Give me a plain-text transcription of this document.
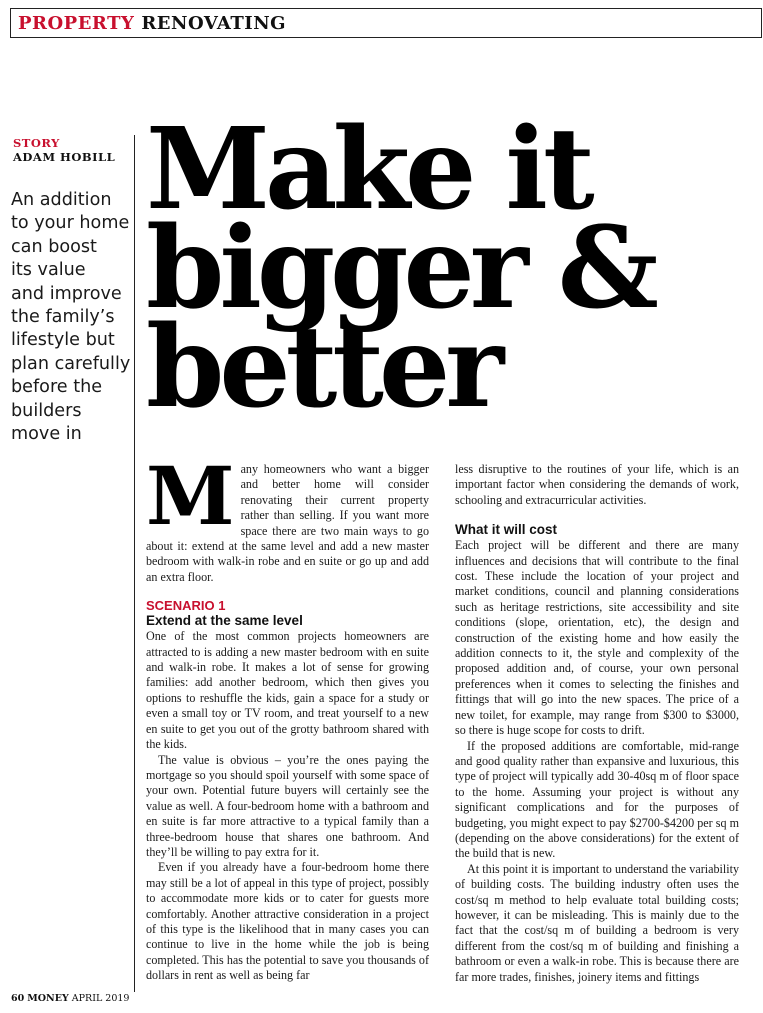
PROPERTY RENOVATING
STORY
ADAM HOBILL
An addition
to your home
can boost
its value
and improve
the family’s
lifestyle but
plan carefully
before the
builders
move in
Make it
bigger &
better
M any homeowners who want a bigger and better home will consider renovating their current property rather than selling. If you want more space there are two main ways to go about it: extend at the same level and add a new master bedroom with walk-in robe and en suite or go up and add an extra floor.

SCENARIO 1
Extend at the same level

One of the most common projects homeowners are attracted to is adding a new master bedroom with en suite and walk-in robe. It makes a lot of sense for growing families: add another bedroom, which then gives you options to reshuffle the kids, gain a space for a study or even a small toy or TV room, and treat yourself to a new en suite to get you out of the grotty bathroom shared with the kids.

The value is obvious – you’re the ones paying the mortgage so you should spoil yourself with some space of your own. Potential future buyers will certainly see the value as well. A four-bedroom home with a bathroom and en suite is far more attractive to a typical family than a three-bedroom house that shares one bathroom. And they’ll be willing to pay extra for it.

Even if you already have a four-bedroom home there may still be a lot of appeal in this type of project, possibly to accommodate more kids or to cater for guests more comfortably. Another attractive consideration in a project of this type is the likelihood that in many cases you can continue to live in the home while the job is being completed. This has the potential to save you thousands of dollars in rent as well as being far

less disruptive to the routines of your life, which is an important factor when considering the demands of work, schooling and extracurricular activities.

What it will cost

Each project will be different and there are many influences and decisions that will contribute to the final cost. These include the location of your project and market conditions, council and planning considerations such as heritage restrictions, site accessibility and site conditions (slope, orientation, etc), the design and construction of the existing home and how easily the addition connects to it, the style and complexity of the proposed addition and, of course, your own personal preferences when it comes to selecting the finishes and fittings that will go into the new spaces. The price of a new toilet, for example, may range from $300 to $3000, so there is huge scope for costs to drift.

If the proposed additions are comfortable, mid-range and good quality rather than expansive and luxurious, this type of project will typically add 30-40sq m of floor space to the home. Assuming your project is without any significant complications and for the purposes of budgeting, you might expect to pay $2700-$4200 per sq m (depending on the above considerations) for the extent of the build that is new.

At this point it is important to understand the variability of building costs. The building industry often uses the cost/sq m method to help evaluate total building costs; however, it can be misleading. This is mainly due to the fact that the cost/sq m of building a bedroom is very different from the cost/sq m of building and finishing a bathroom or even a walk-in robe. This is because there are far more trades, finishes, joinery items and fittings

60 MONEY APRIL 2019
